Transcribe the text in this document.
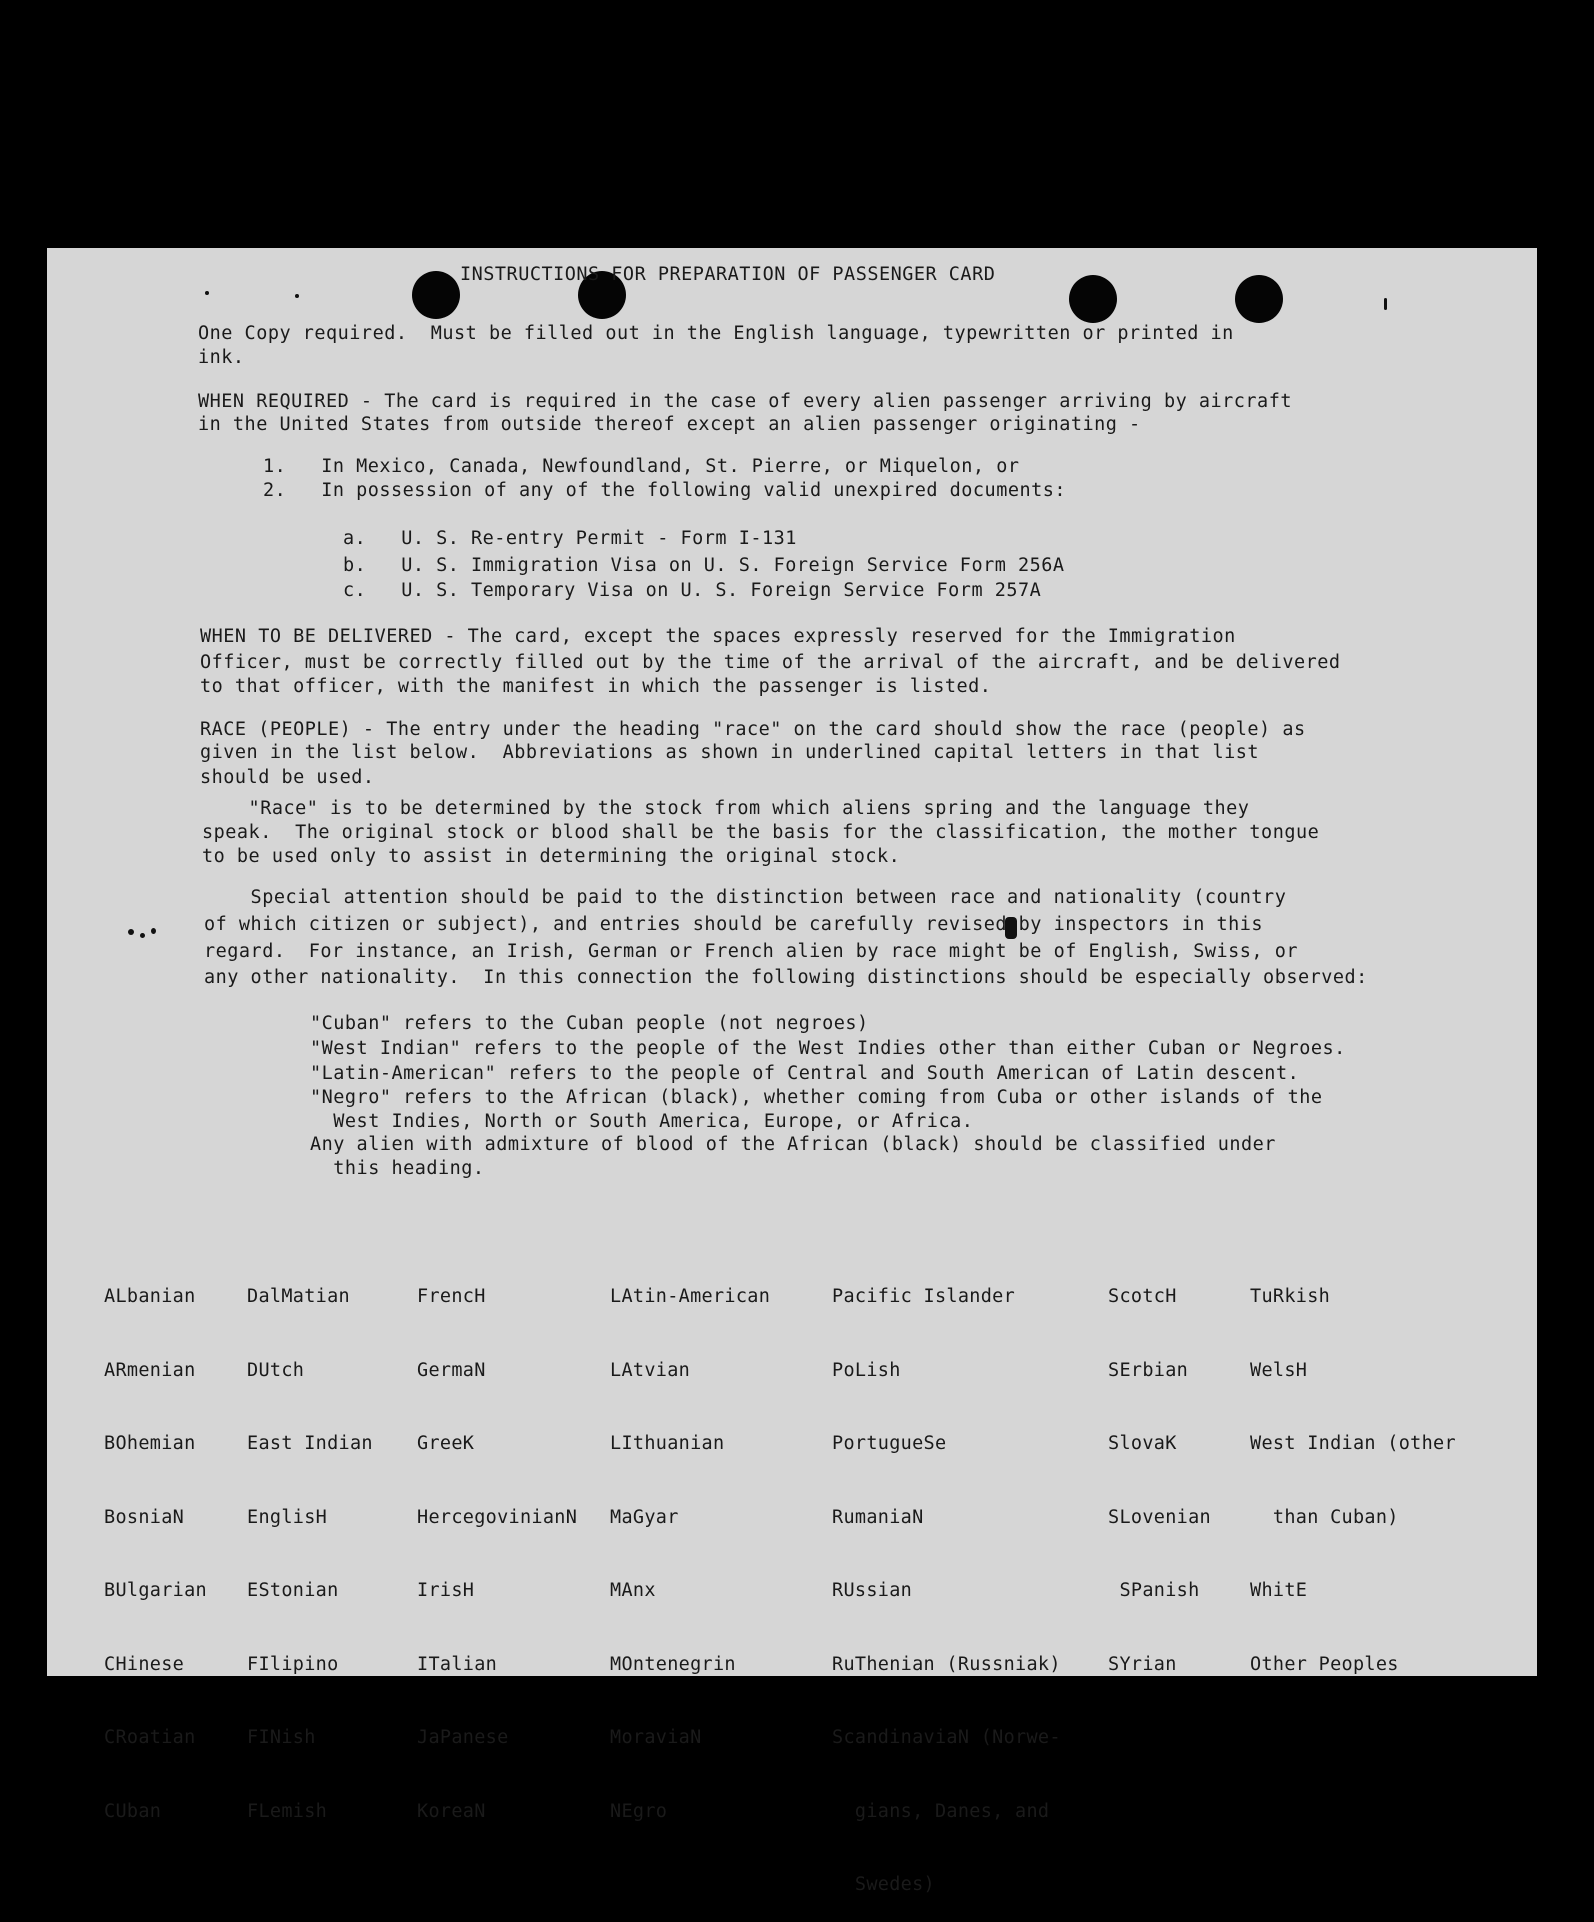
INSTRUCTIONS FOR PREPARATION OF PASSENGER CARD
One Copy required.  Must be filled out in the English language, typewritten or printed in
ink.
WHEN REQUIRED - The card is required in the case of every alien passenger arriving by aircraft
in the United States from outside thereof except an alien passenger originating -
1.   In Mexico, Canada, Newfoundland, St. Pierre, or Miquelon, or
2.   In possession of any of the following valid unexpired documents:
a.   U. S. Re-entry Permit - Form I-131
b.   U. S. Immigration Visa on U. S. Foreign Service Form 256A
c.   U. S. Temporary Visa on U. S. Foreign Service Form 257A
WHEN TO BE DELIVERED - The card, except the spaces expressly reserved for the Immigration
Officer, must be correctly filled out by the time of the arrival of the aircraft, and be delivered
to that officer, with the manifest in which the passenger is listed.
RACE (PEOPLE) - The entry under the heading "race" on the card should show the race (people) as
given in the list below.  Abbreviations as shown in underlined capital letters in that list
should be used.
"Race" is to be determined by the stock from which aliens spring and the language they
speak.  The original stock or blood shall be the basis for the classification, the mother tongue
to be used only to assist in determining the original stock.
Special attention should be paid to the distinction between race and nationality (country
of which citizen or subject), and entries should be carefully revised by inspectors in this
regard.  For instance, an Irish, German or French alien by race might be of English, Swiss, or
any other nationality.  In this connection the following distinctions should be especially observed:
"Cuban" refers to the Cuban people (not negroes)
"West Indian" refers to the people of the West Indies other than either Cuban or Negroes.
"Latin-American" refers to the people of Central and South American of Latin descent.
"Negro" refers to the African (black), whether coming from Cuba or other islands of the
West Indies, North or South America, Europe, or Africa.
Any alien with admixture of blood of the African (black) should be classified under
this heading.

ALbanian

ARmenian

BOhemian

BosniaN

BUlgarian

CHinese

CRoatian

CUban

DalMatian

DUtch

East Indian

EnglisH

EStonian

FIlipino

FINish

FLemish

FrencH

GermaN

GreeK

HercegovinianN

IrisH

ITalian

JaPanese

KoreaN

LAtin-American

LAtvian

LIthuanian

MaGyar

MAnx

MOntenegrin

MoraviaN

NEgro

Pacific Islander

PoLish

PortugueSe

RumaniaN

RUssian

RuThenian (Russniak)

ScandinaviaN (Norwe-

gians, Danes, and

Swedes)

ScotcH

SErbian

SlovaK

SLovenian

SPanish

SYrian

TuRkish

WelsH

West Indian (other

than Cuban)

WhitE

Other Peoples
